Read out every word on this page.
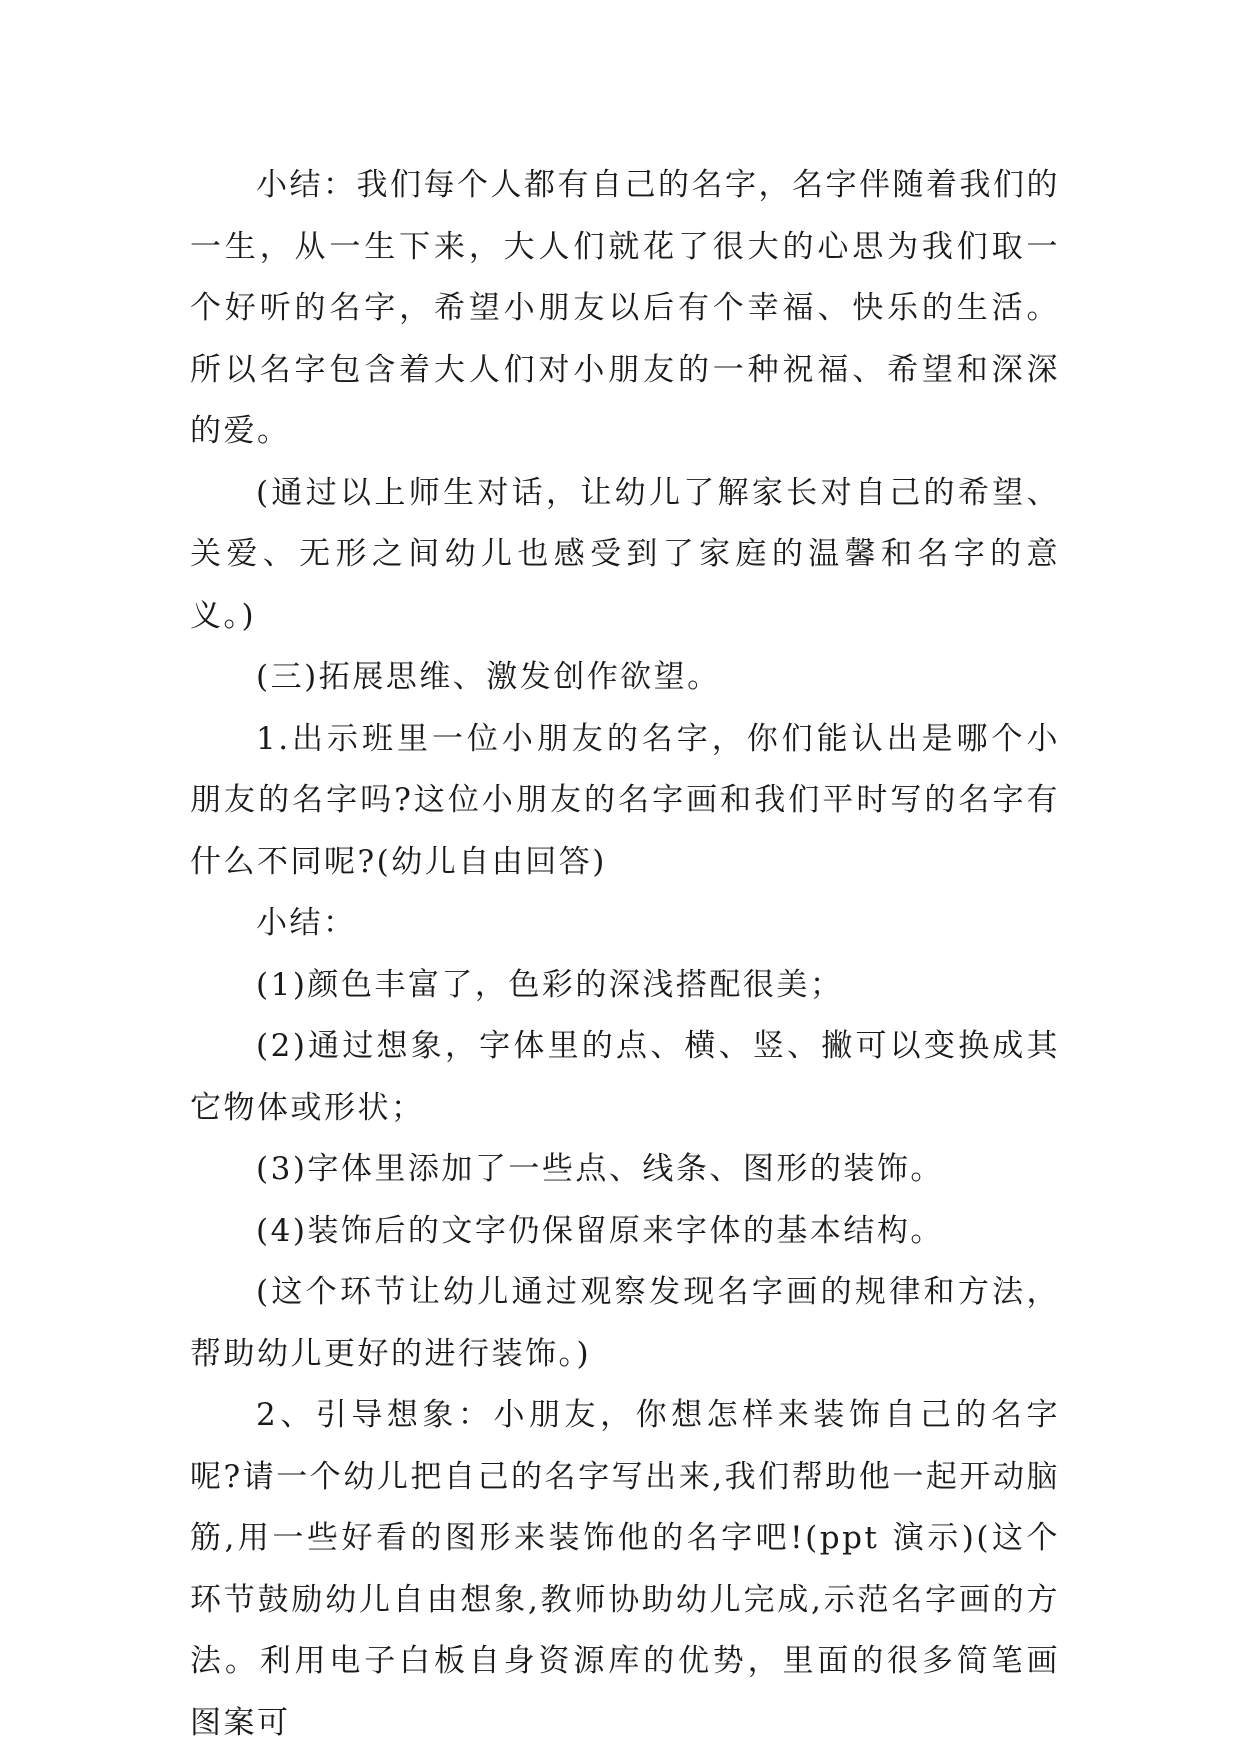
小结：我们每个人都有自己的名字，名字伴随着我们的一生，从一生下来，大人们就花了很大的心思为我们取一个好听的名字，希望小朋友以后有个幸福、快乐的生活。所以名字包含着大人们对小朋友的一种祝福、希望和深深的爱。

(通过以上师生对话，让幼儿了解家长对自己的希望、关爱、无形之间幼儿也感受到了家庭的温馨和名字的意义。)

(三)拓展思维、激发创作欲望。

1.出示班里一位小朋友的名字，你们能认出是哪个小朋友的名字吗?这位小朋友的名字画和我们平时写的名字有什么不同呢?(幼儿自由回答)

小结：

(1)颜色丰富了，色彩的深浅搭配很美；

(2)通过想象，字体里的点、横、竖、撇可以变换成其它物体或形状；

(3)字体里添加了一些点、线条、图形的装饰。

(4)装饰后的文字仍保留原来字体的基本结构。

(这个环节让幼儿通过观察发现名字画的规律和方法，帮助幼儿更好的进行装饰。)

2、引导想象：小朋友，你想怎样来装饰自己的名字呢?请一个幼儿把自己的名字写出来,我们帮助他一起开动脑筋,用一些好看的图形来装饰他的名字吧!(ppt 演示)(这个环节鼓励幼儿自由想象,教师协助幼儿完成,示范名字画的方法。利用电子白板自身资源库的优势，里面的很多简笔画图案可
